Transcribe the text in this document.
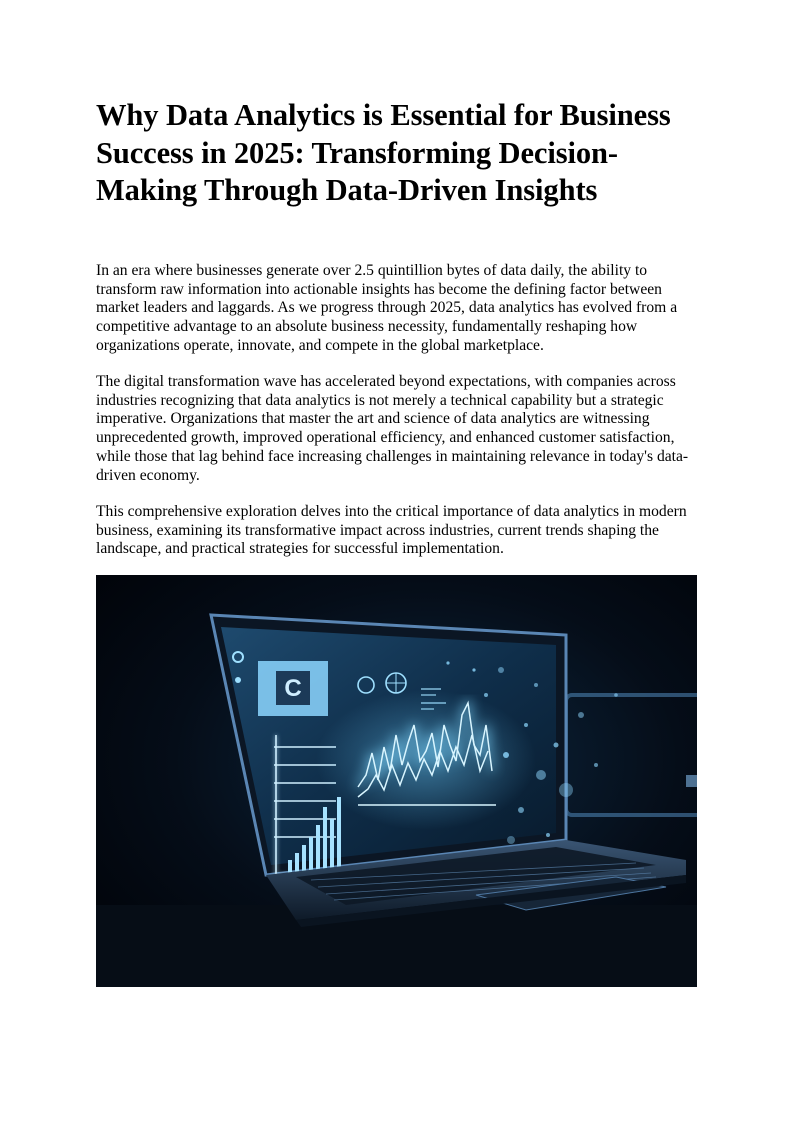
Why Data Analytics is Essential for Business Success in 2025: Transforming Decision-Making Through Data-Driven Insights

In an era where businesses generate over 2.5 quintillion bytes of data daily, the ability to transform raw information into actionable insights has become the defining factor between market leaders and laggards. As we progress through 2025, data analytics has evolved from a competitive advantage to an absolute business necessity, fundamentally reshaping how organizations operate, innovate, and compete in the global marketplace.

The digital transformation wave has accelerated beyond expectations, with companies across industries recognizing that data analytics is not merely a technical capability but a strategic imperative. Organizations that master the art and science of data analytics are witnessing unprecedented growth, improved operational efficiency, and enhanced customer satisfaction, while those that lag behind face increasing challenges in maintaining relevance in today's data-driven economy.

This comprehensive exploration delves into the critical importance of data analytics in modern business, examining its transformative impact across industries, current trends shaping the landscape, and practical strategies for successful implementation.

C
